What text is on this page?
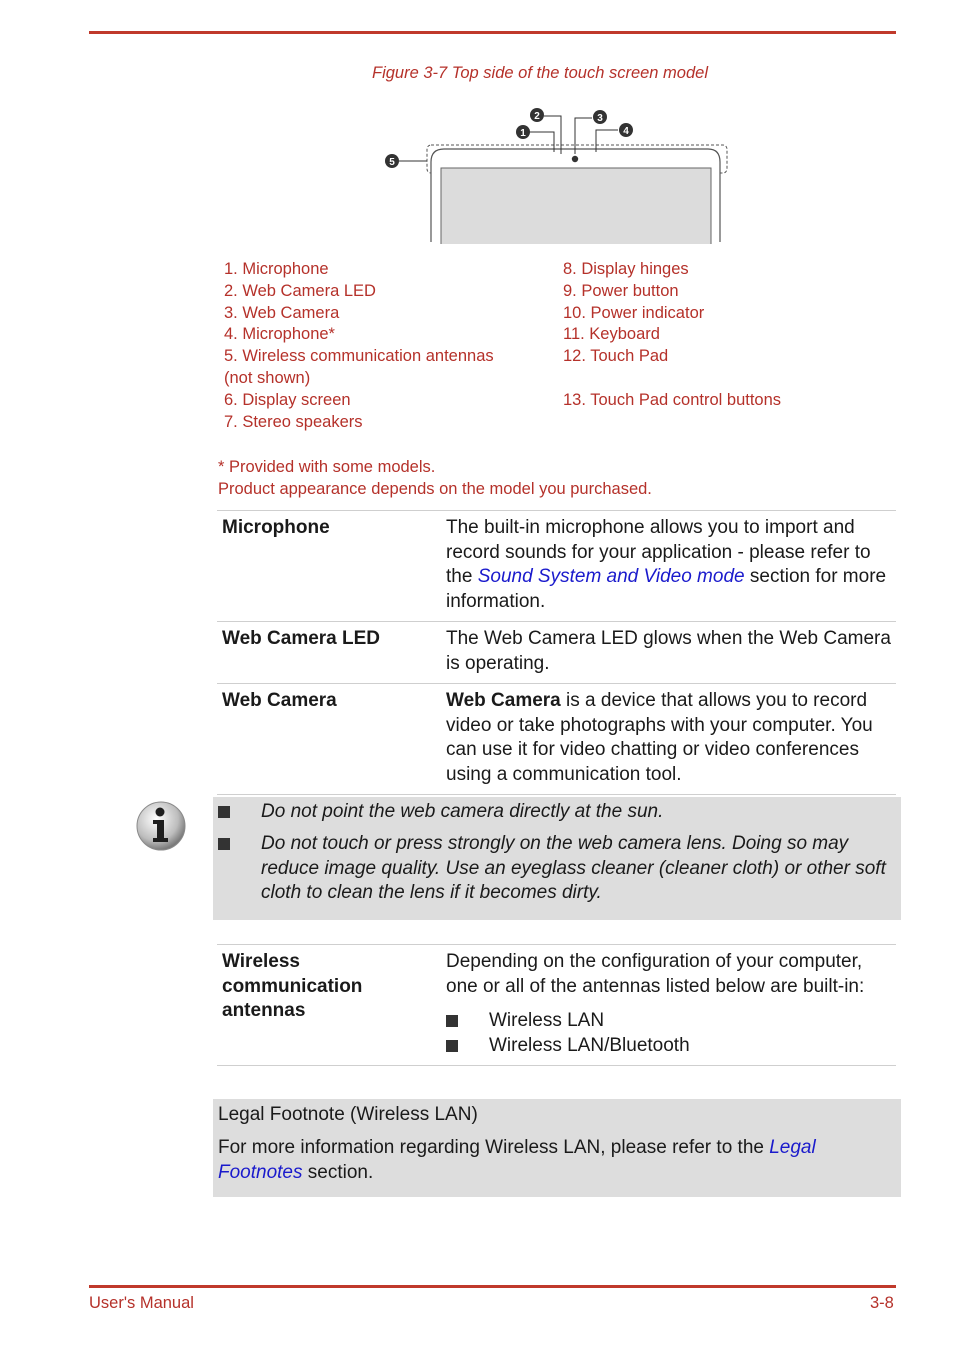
Figure 3-7 Top side of the touch screen model
1
2	3
4
5
1. Microphone
2. Web Camera LED
3. Web Camera
4. Microphone*
5. Wireless communication antennas
(not shown)
6. Display screen
7. Stereo speakers
8. Display hinges
9. Power button
10. Power indicator
11. Keyboard
12. Touch Pad
13. Touch Pad control buttons
* Provided with some models.
Product appearance depends on the model you purchased.
Microphone	The built-in microphone allows you to import and record sounds for your application - please refer to the Sound System and Video mode section for more information.
Web Camera LED	The Web Camera LED glows when the Web Camera is operating.
Web Camera	Web Camera is a device that allows you to record video or take photographs with your computer. You can use it for video chatting or video conferences using a communication tool.
Do not point the web camera directly at the sun.
Do not touch or press strongly on the web camera lens. Doing so may reduce image quality. Use an eyeglass cleaner (cleaner cloth) or other soft cloth to clean the lens if it becomes dirty.
Wireless communication antennas
Depending on the configuration of your computer, one or all of the antennas listed below are built-in:
Wireless LAN
Wireless LAN/Bluetooth
Legal Footnote (Wireless LAN)
For more information regarding Wireless LAN, please refer to the Legal Footnotes section.
User's Manual	3-8
